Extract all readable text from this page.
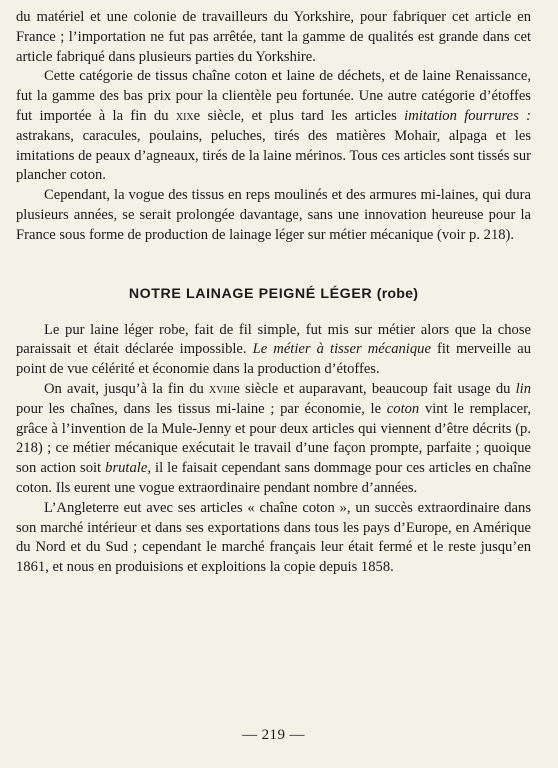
du matériel et une colonie de travailleurs du Yorkshire, pour fabriquer cet article en France ; l’importation ne fut pas arrêtée, tant la gamme de qualités est grande dans cet article fabriqué dans plusieurs parties du Yorkshire.

Cette catégorie de tissus chaîne coton et laine de déchets, et de laine Renaissance, fut la gamme des bas prix pour la clientèle peu fortunée. Une autre catégorie d’étoffes fut importée à la fin du xixe siècle, et plus tard les articles imitation fourrures : astrakans, caracules, poulains, peluches, tirés des matières Mohair, alpaga et les imitations de peaux d’agneaux, tirés de la laine mérinos. Tous ces articles sont tissés sur plancher coton.

Cependant, la vogue des tissus en reps moulinés et des armures mi-laines, qui dura plusieurs années, se serait prolongée davantage, sans une innovation heureuse pour la France sous forme de production de lainage léger sur métier mécanique (voir p. 218).

NOTRE LAINAGE PEIGNÉ LÉGER (robe)

Le pur laine léger robe, fait de fil simple, fut mis sur métier alors que la chose paraissait et était déclarée impossible. Le métier à tisser mécanique fit merveille au point de vue célérité et économie dans la production d’étoffes.

On avait, jusqu’à la fin du xviiie siècle et auparavant, beaucoup fait usage du lin pour les chaînes, dans les tissus mi-laine ; par économie, le coton vint le remplacer, grâce à l’invention de la Mule-Jenny et pour deux articles qui viennent d’être décrits (p. 218) ; ce métier mécanique exécutait le travail d’une façon prompte, parfaite ; quoique son action soit brutale, il le faisait cependant sans dommage pour ces articles en chaîne coton. Ils eurent une vogue extraordinaire pendant nombre d’années.

L’Angleterre eut avec ses articles « chaîne coton », un succès extraordinaire dans son marché intérieur et dans ses exportations dans tous les pays d’Europe, en Amérique du Nord et du Sud ; cependant le marché français leur était fermé et le reste jusqu’en 1861, et nous en produisions et exploitions la copie depuis 1858.

— 219 —
